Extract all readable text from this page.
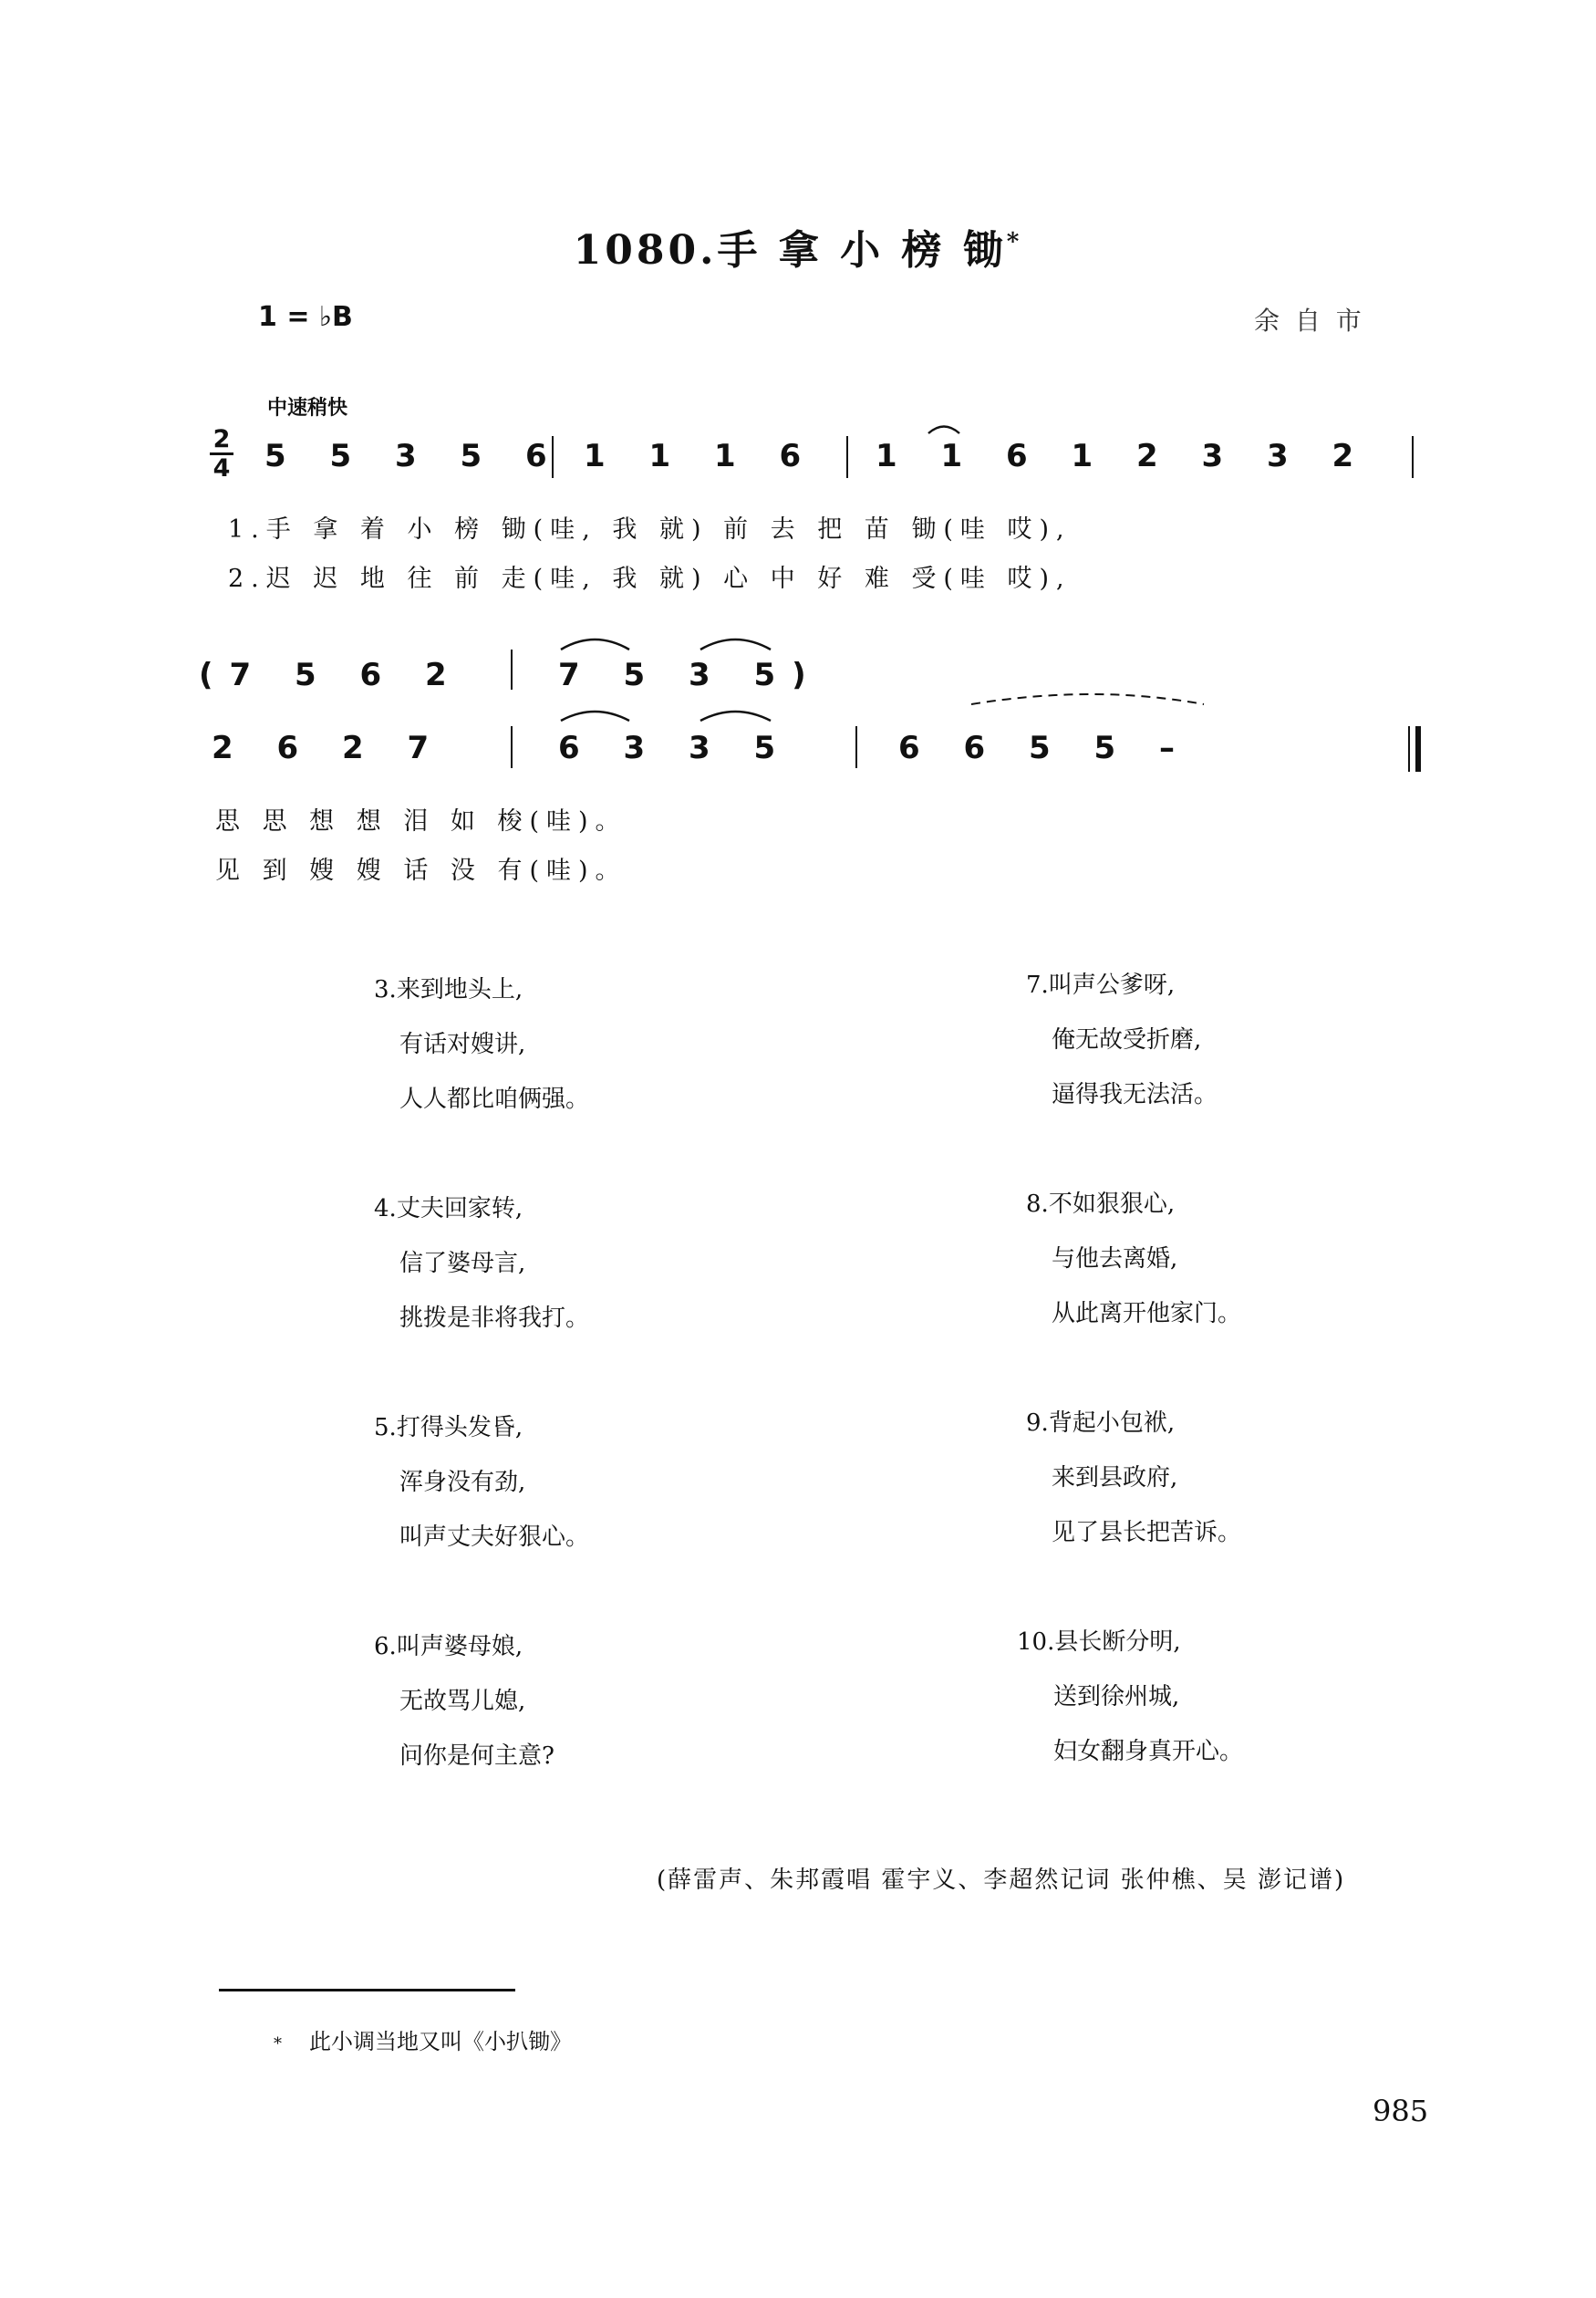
1080.手 拿 小 榜 锄*
1 = ♭B	余 自 市
中速稍快
2
4 5 5 3 5 6 1 1 1 6 1 1 6 1 2 3 3 2
1.手 拿 着 小 榜 锄(哇, 我 就) 前 去 把 苗 锄(哇 哎),
2.迟 迟 地 往 前 走(哇, 我 就) 心 中 好 难 受(哇 哎),
(7 5 6 2	7 5 3 5)
2 6 2 7	6 3 3 5	6 6 5 5 –
思 思 想 想 泪 如 梭(哇)。
见 到 嫂 嫂 话 没 有(哇)。
3.来到地头上,
有话对嫂讲,
人人都比咱俩强。
4.丈夫回家转,
信了婆母言,
挑拨是非将我打。
5.打得头发昏,
浑身没有劲,
叫声丈夫好狠心。
6.叫声婆母娘,
无故骂儿媳,
问你是何主意?
7.叫声公爹呀,
俺无故受折磨,
逼得我无法活。
8.不如狠狠心,
与他去离婚,
从此离开他家门。
9.背起小包袱,
来到县政府,
见了县长把苦诉。
10.县长断分明,
送到徐州城,
妇女翻身真开心。
(薛雷声、朱邦霞唱 霍宇义、李超然记词 张仲樵、吴 澎记谱)
* 此小调当地又叫《小扒锄》
985
